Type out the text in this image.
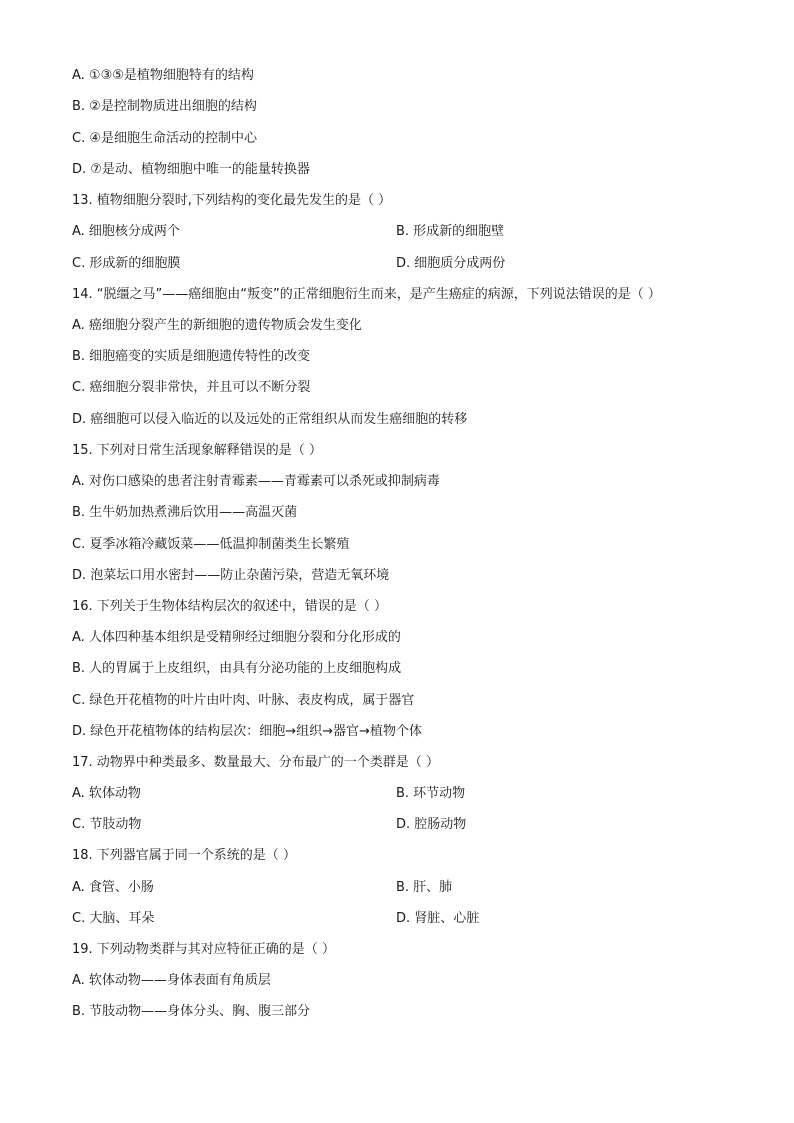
A. ①③⑤是植物细胞特有的结构
B. ②是控制物质进出细胞的结构
C. ④是细胞生命活动的控制中心
D. ⑦是动、植物细胞中唯一的能量转换器
13. 植物细胞分裂时,下列结构的变化最先发生的是（ ）
A. 细胞核分成两个	B. 形成新的细胞壁
C. 形成新的细胞膜	D. 细胞质分成两份
14. “脱缰之马”——癌细胞由“叛变”的正常细胞衍生而来，是产生癌症的病源，下列说法错误的是（ ）
A. 癌细胞分裂产生的新细胞的遗传物质会发生变化
B. 细胞癌变的实质是细胞遗传特性的改变
C. 癌细胞分裂非常快，并且可以不断分裂
D. 癌细胞可以侵入临近的以及远处的正常组织从而发生癌细胞的转移
15. 下列对日常生活现象解释错误的是（ ）
A. 对伤口感染的患者注射青霉素——青霉素可以杀死或抑制病毒
B. 生牛奶加热煮沸后饮用——高温灭菌
C. 夏季冰箱冷藏饭菜——低温抑制菌类生长繁殖
D. 泡菜坛口用水密封——防止杂菌污染，营造无氧环境
16. 下列关于生物体结构层次的叙述中，错误的是（ ）
A. 人体四种基本组织是受精卵经过细胞分裂和分化形成的
B. 人的胃属于上皮组织，由具有分泌功能的上皮细胞构成
C. 绿色开花植物的叶片由叶肉、叶脉、表皮构成，属于器官
D. 绿色开花植物体的结构层次：细胞→组织→器官→植物个体
17. 动物界中种类最多、数量最大、分布最广的一个类群是（ ）
A. 软体动物	B. 环节动物
C. 节肢动物	D. 腔肠动物
18. 下列器官属于同一个系统的是（ ）
A. 食管、小肠	B. 肝、肺
C. 大脑、耳朵	D. 肾脏、心脏
19. 下列动物类群与其对应特征正确的是（ ）
A. 软体动物——身体表面有角质层
B. 节肢动物——身体分头、胸、腹三部分
